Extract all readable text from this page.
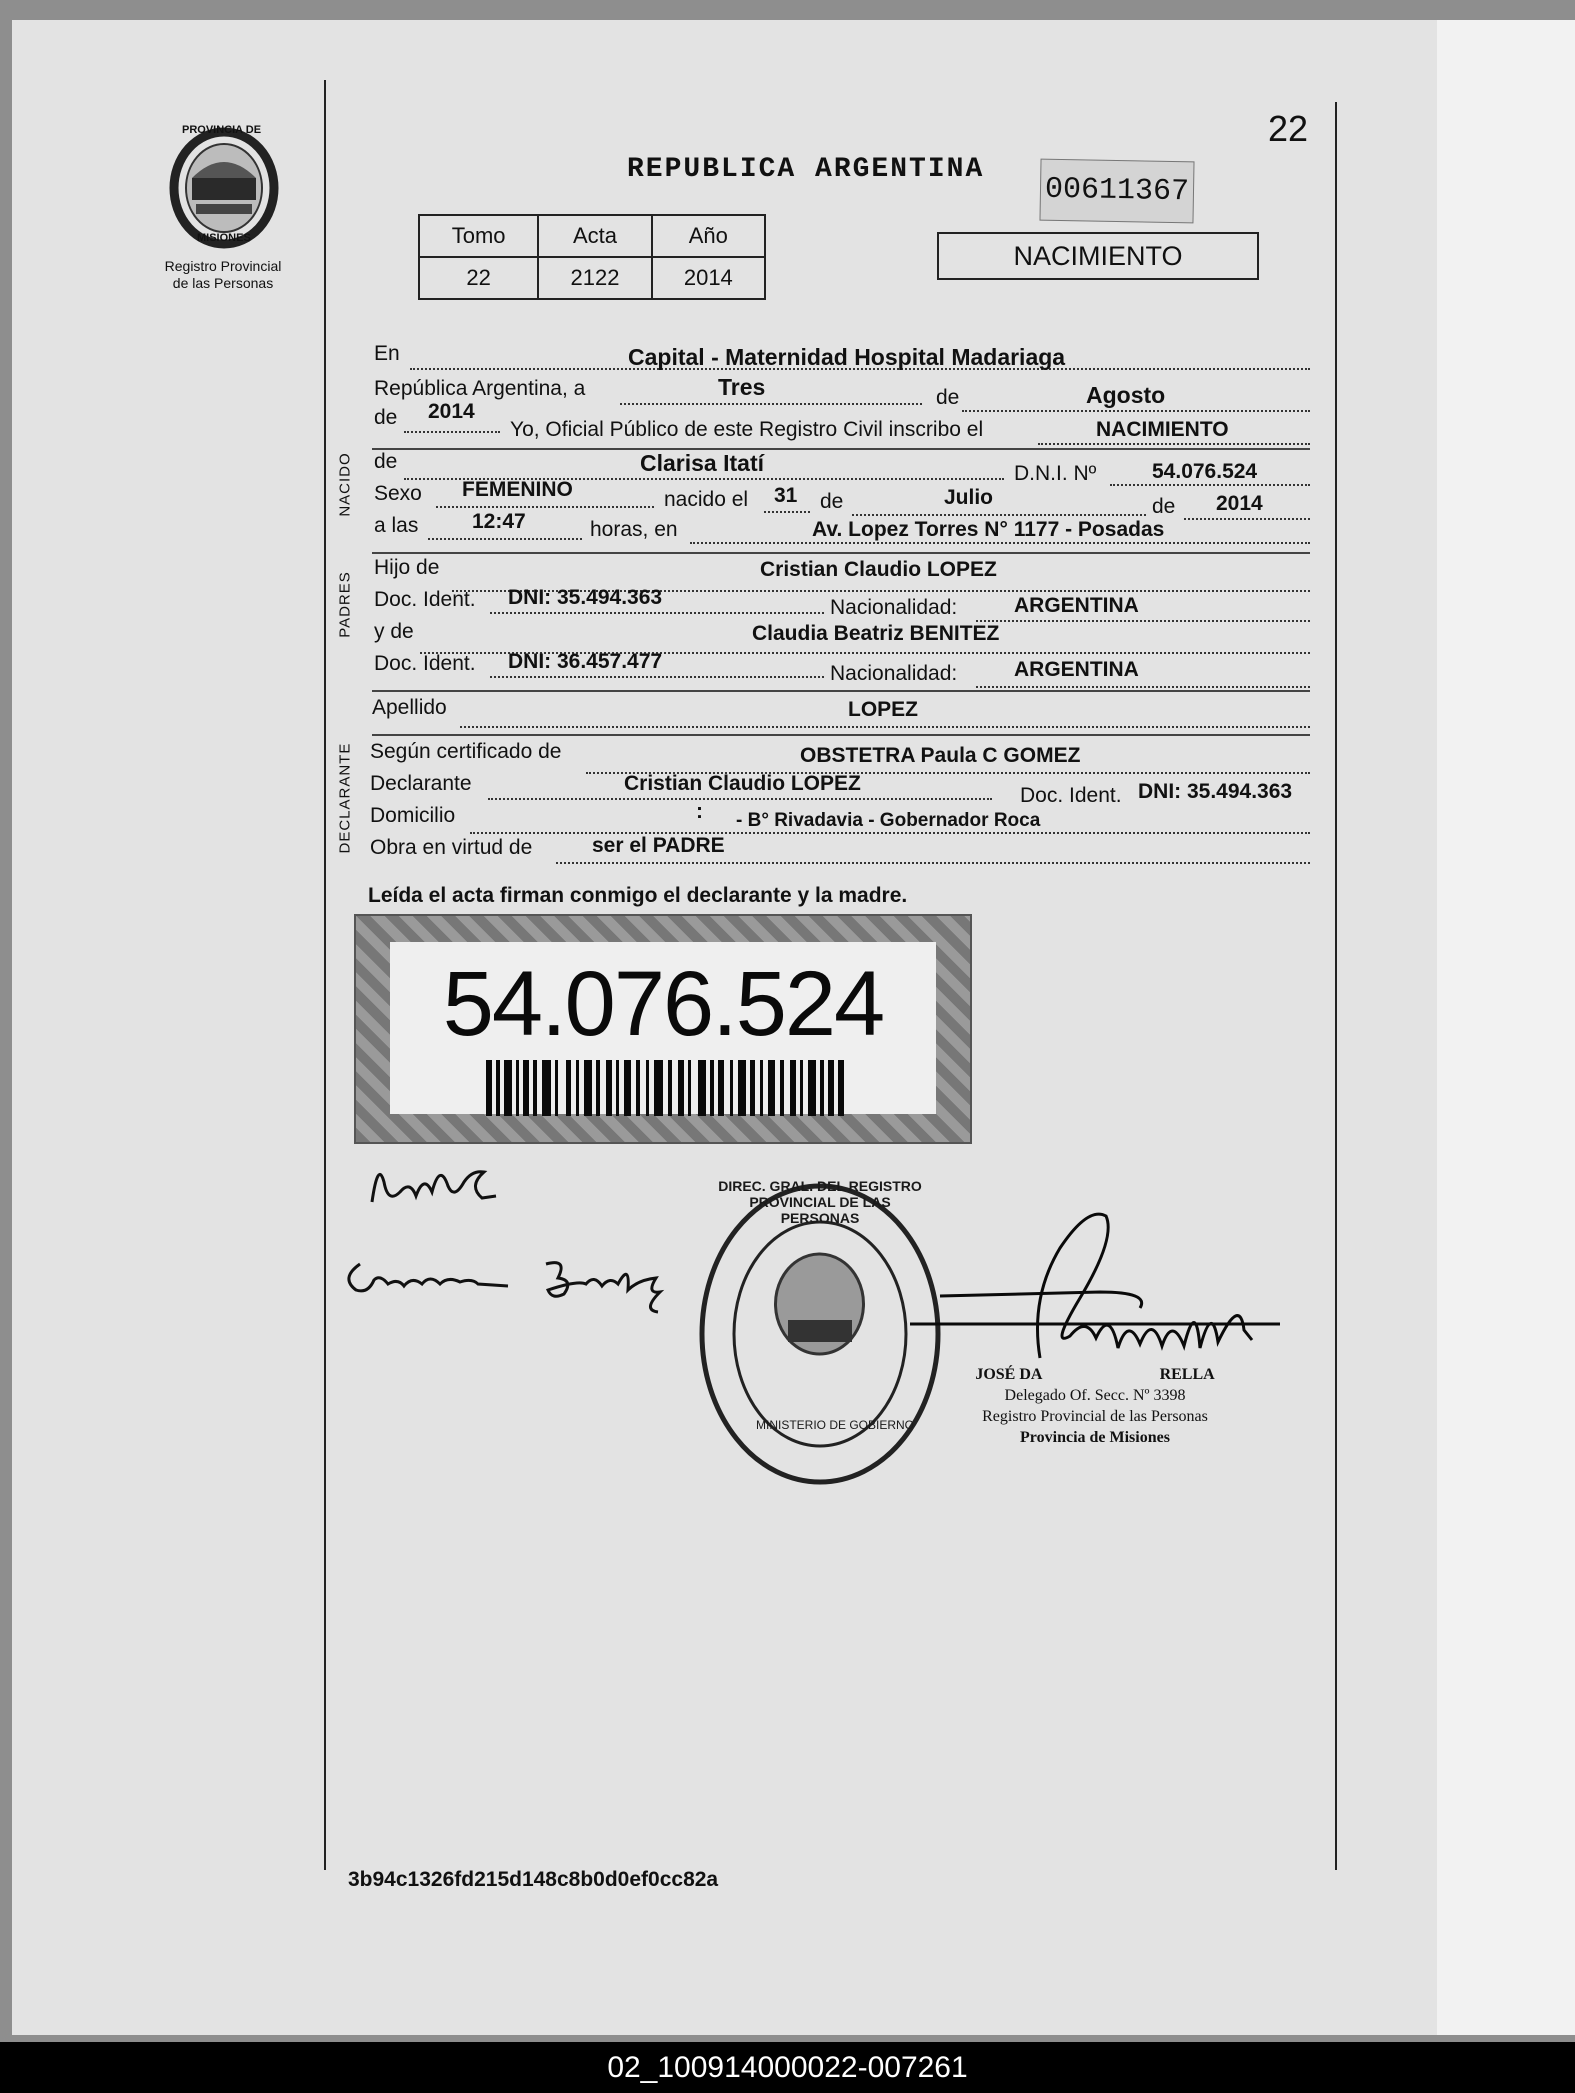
22
PROVINCIA DE
MISIONES
Registro Provincial
de las Personas
REPUBLICA ARGENTINA
00611367
NACIMIENTO
Tomo	Acta	Año
22	2122	2014
En	Capital - Maternidad Hospital Madariaga
República Argentina, a	Tres	de	Agosto
de 2014
Yo, Oficial Público de este Registro Civil inscribo el	NACIMIENTO
NACIDO de	Clarisa Itatí	D.N.I. Nº	54.076.524
Sexo FEMENINO	nacido el 31 de	Julio	de 2014
a las	12:47	horas, en	Av. Lopez Torres N° 1177 - Posadas
PADRES
Hijo de	Cristian Claudio LOPEZ
Doc. Ident. DNI: 35.494.363	Nacionalidad:	ARGENTINA
y de	Claudia Beatriz BENITEZ
Doc. Ident. DNI: 36.457.477
Nacionalidad:	ARGENTINA
Apellido	LOPEZ
DECLARANTE Según certificado de	OBSTETRA Paula C GOMEZ
Declarante	Cristian Claudio LOPEZ
Doc. Ident. DNI: 35.494.363
Domicilio	: - B° Rivadavia - Gobernador Roca
Obra en virtud de	ser el PADRE
Leída el acta firman conmigo el declarante y la madre.
54.076.524
DIREC. GRAL. DEL REGISTRO PROVINCIAL DE LAS PERSONAS
MINISTERIO DE GOBIERNO
JOSÉ DA	RELLA
Delegado Of. Secc. Nº 3398
Registro Provincial de las Personas
Provincia de Misiones
3b94c1326fd215d148c8b0d0ef0cc82a
02_100914000022-007261
